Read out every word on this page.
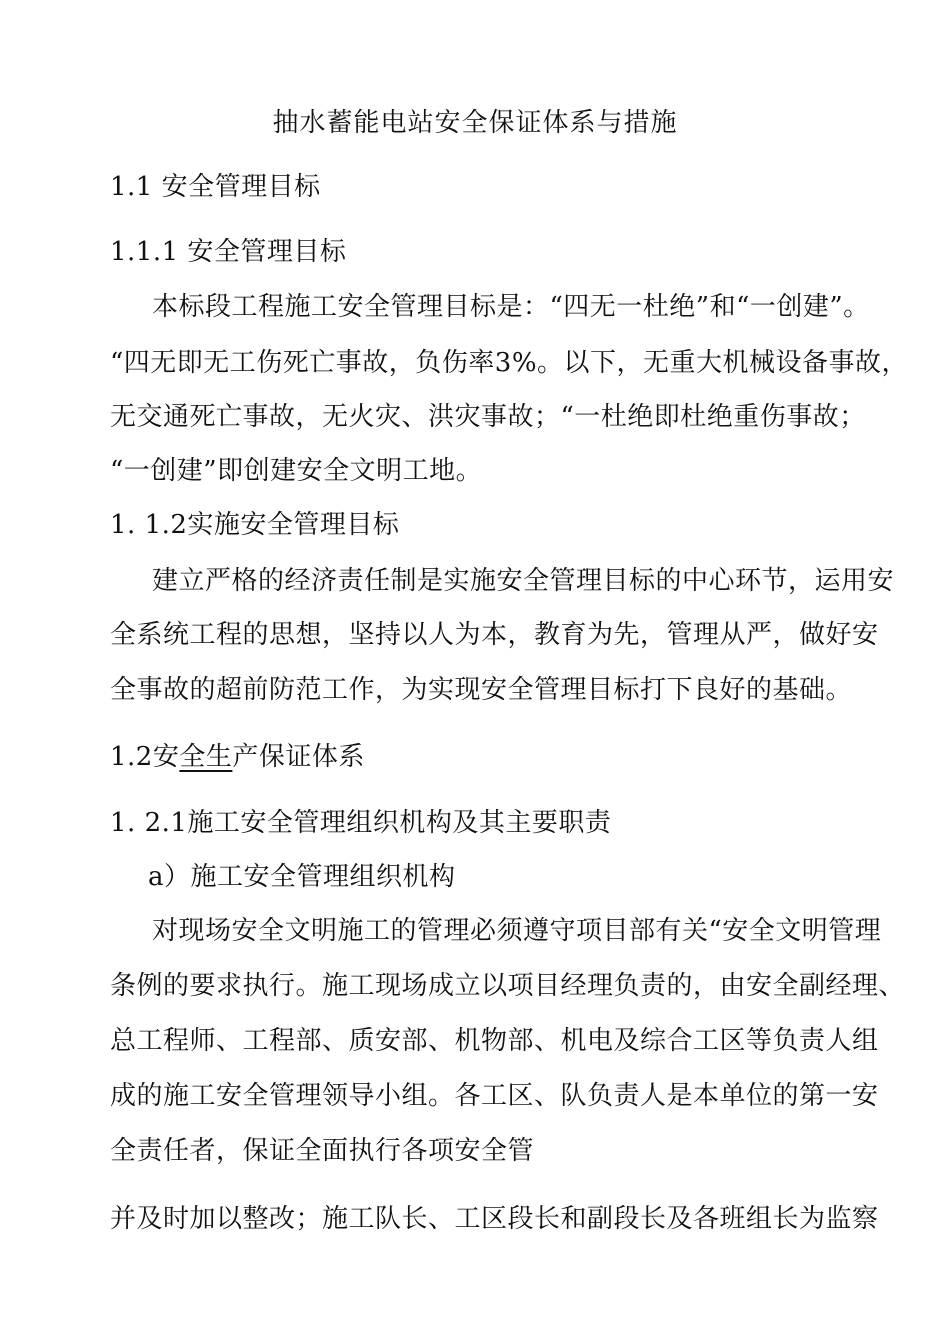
抽水蓄能电站安全保证体系与措施
1.1 安全管理目标
1.1.1 安全管理目标
本标段工程施工安全管理目标是：“四无一杜绝”和“一创建”。
“四无即无工伤死亡事故，负伤率3%。以下，无重大机械设备事故，
无交通死亡事故，无火灾、洪灾事故；“一杜绝即杜绝重伤事故；
“一创建”即创建安全文明工地。
1. 1.2实施安全管理目标
建立严格的经济责任制是实施安全管理目标的中心环节，运用安
全系统工程的思想，坚持以人为本，教育为先，管理从严，做好安
全事故的超前防范工作，为实现安全管理目标打下良好的基础。
1.2安全生产保证体系
1. 2.1施工安全管理组织机构及其主要职责
a）施工安全管理组织机构
对现场安全文明施工的管理必须遵守项目部有关“安全文明管理
条例的要求执行。施工现场成立以项目经理负责的，由安全副经理、
总工程师、工程部、质安部、机物部、机电及综合工区等负责人组
成的施工安全管理领导小组。各工区、队负责人是本单位的第一安
全责任者，保证全面执行各项安全管
并及时加以整改；施工队长、工区段长和副段长及各班组长为监察
